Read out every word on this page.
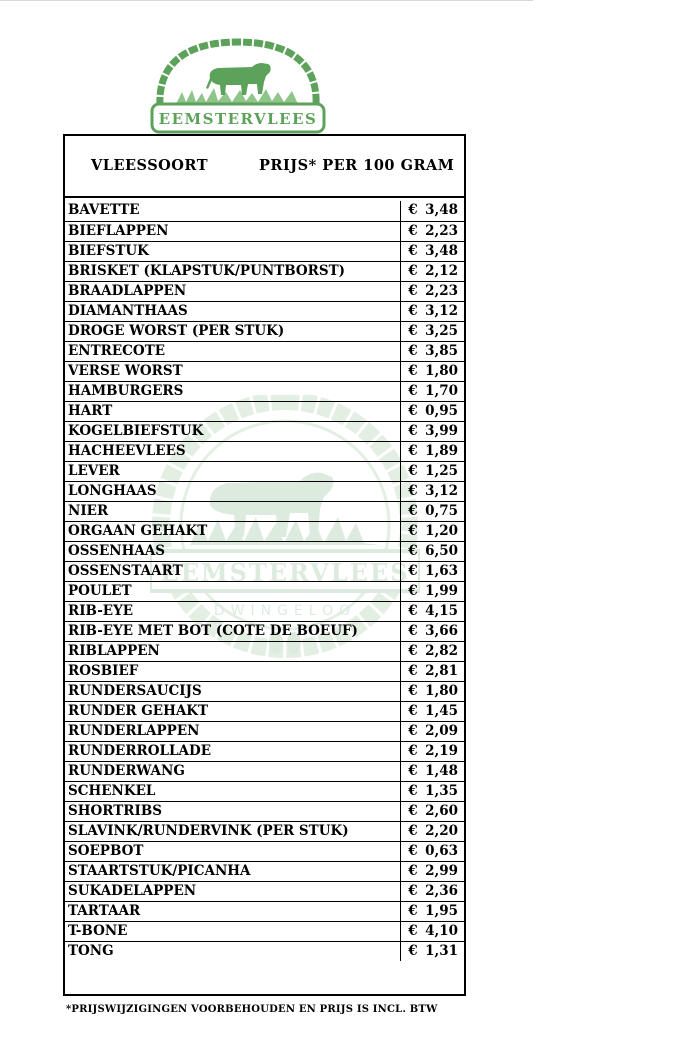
EEMSTERVLEES
EEMSTERVLEES
DWINGELOO
VLEESSOORT	PRIJS* PER 100 GRAM
BAVETTE	€ 3,48
BIEFLAPPEN	€ 2,23
BIEFSTUK	€ 3,48
BRISKET (KLAPSTUK/PUNTBORST)	€ 2,12
BRAADLAPPEN	€ 2,23
DIAMANTHAAS	€ 3,12
DROGE WORST (PER STUK)	€ 3,25
ENTRECOTE	€ 3,85
VERSE WORST	€ 1,80
HAMBURGERS	€ 1,70
HART	€ 0,95
KOGELBIEFSTUK	€ 3,99
HACHEEVLEES	€ 1,89
LEVER	€ 1,25
LONGHAAS	€ 3,12
NIER	€ 0,75
ORGAAN GEHAKT	€ 1,20
OSSENHAAS	€ 6,50
OSSENSTAART	€ 1,63
POULET	€ 1,99
RIB-EYE	€ 4,15
RIB-EYE MET BOT (COTE DE BOEUF)	€ 3,66
RIBLAPPEN	€ 2,82
ROSBIEF	€ 2,81
RUNDERSAUCIJS	€ 1,80
RUNDER GEHAKT	€ 1,45
RUNDERLAPPEN	€ 2,09
RUNDERROLLADE	€ 2,19
RUNDERWANG	€ 1,48
SCHENKEL	€ 1,35
SHORTRIBS	€ 2,60
SLAVINK/RUNDERVINK (PER STUK)	€ 2,20
SOEPBOT	€ 0,63
STAARTSTUK/PICANHA	€ 2,99
SUKADELAPPEN	€ 2,36
TARTAAR	€ 1,95
T-BONE	€ 4,10
TONG	€ 1,31
*PRIJSWIJZIGINGEN VOORBEHOUDEN EN PRIJS IS INCL. BTW
